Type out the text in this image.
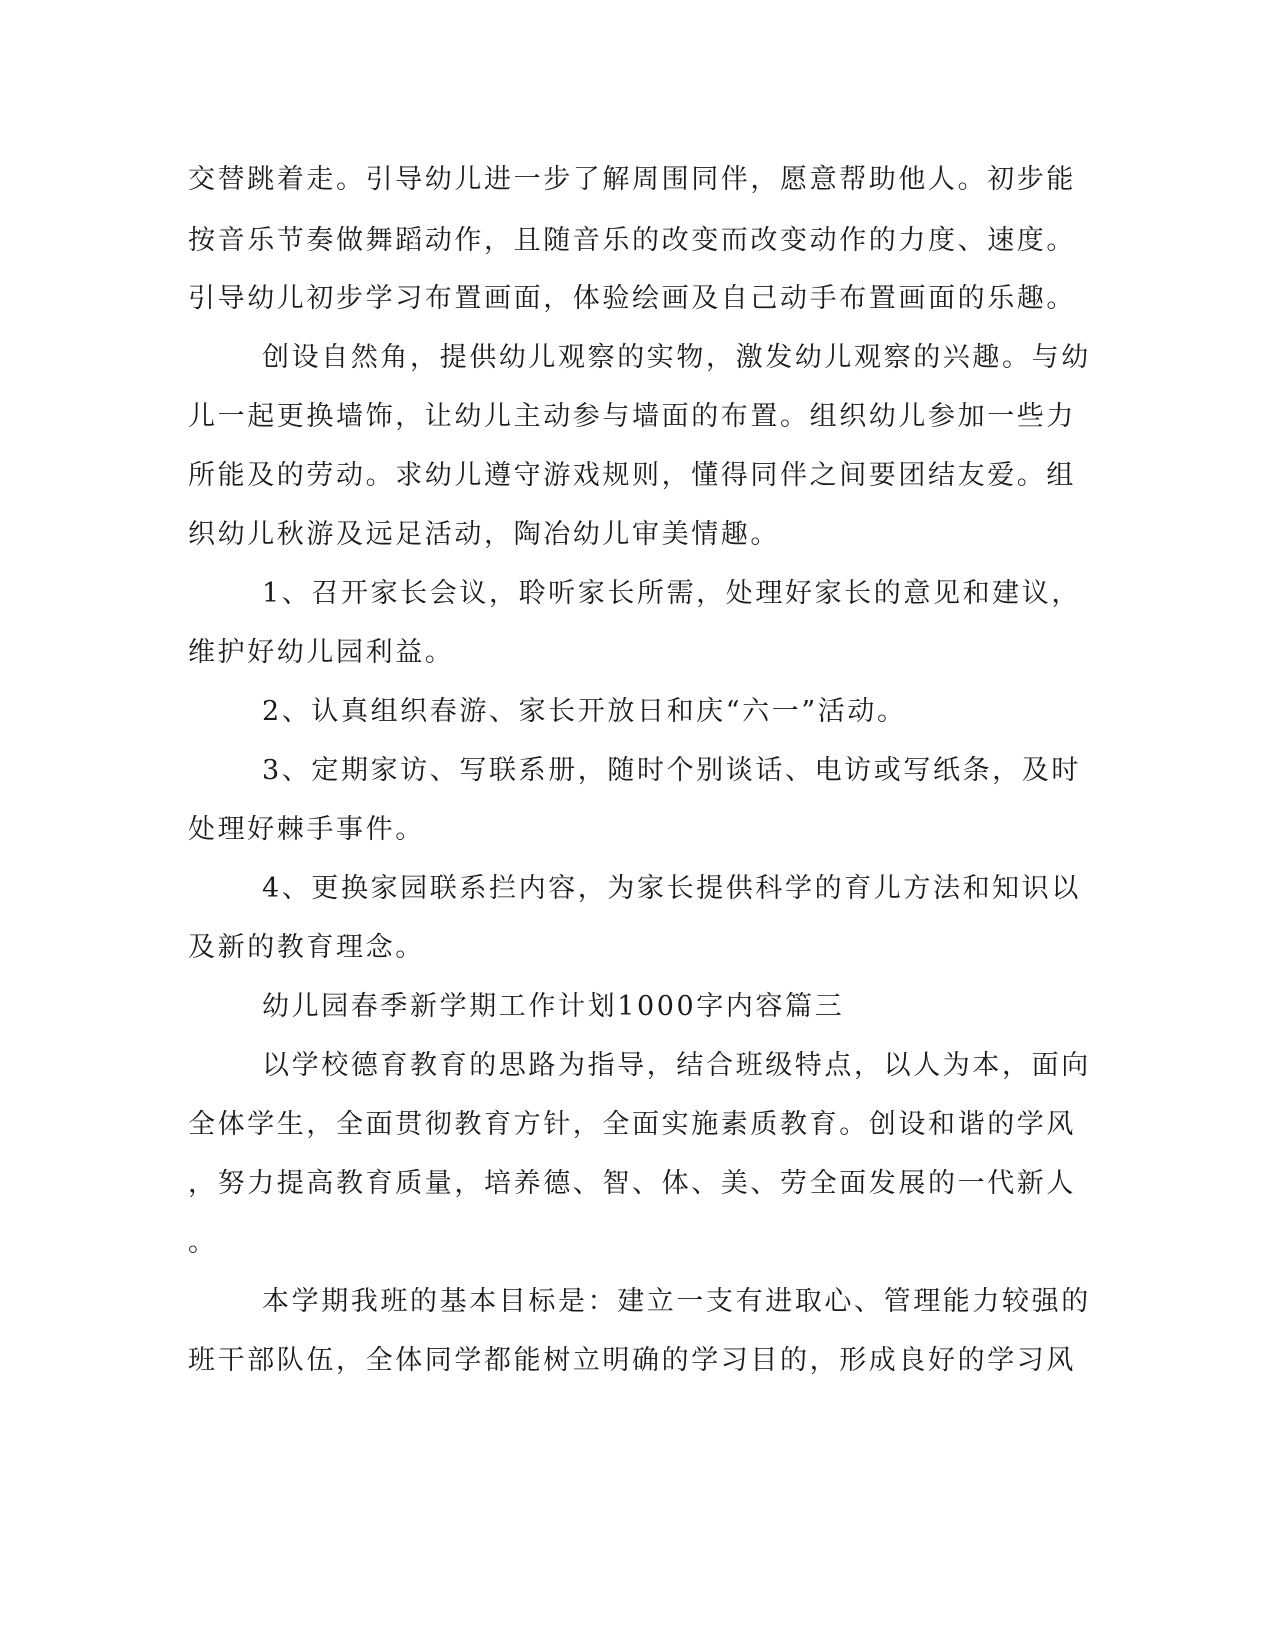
交替跳着走。引导幼儿进一步了解周围同伴，愿意帮助他人。初步能
按音乐节奏做舞蹈动作，且随音乐的改变而改变动作的力度、速度。
引导幼儿初步学习布置画面，体验绘画及自己动手布置画面的乐趣。
创设自然角，提供幼儿观察的实物，激发幼儿观察的兴趣。与幼
儿一起更换墙饰，让幼儿主动参与墙面的布置。组织幼儿参加一些力
所能及的劳动。求幼儿遵守游戏规则，懂得同伴之间要团结友爱。组
织幼儿秋游及远足活动，陶冶幼儿审美情趣。
1、召开家长会议，聆听家长所需，处理好家长的意见和建议，
维护好幼儿园利益。
2、认真组织春游、家长开放日和庆“六一”活动。
3、定期家访、写联系册，随时个别谈话、电访或写纸条，及时
处理好棘手事件。
4、更换家园联系拦内容，为家长提供科学的育儿方法和知识以
及新的教育理念。
幼儿园春季新学期工作计划1000字内容篇三
以学校德育教育的思路为指导，结合班级特点，以人为本，面向
全体学生，全面贯彻教育方针，全面实施素质教育。创设和谐的学风
，努力提高教育质量，培养德、智、体、美、劳全面发展的一代新人
。
本学期我班的基本目标是：建立一支有进取心、管理能力较强的
班干部队伍，全体同学都能树立明确的学习目的，形成良好的学习风
